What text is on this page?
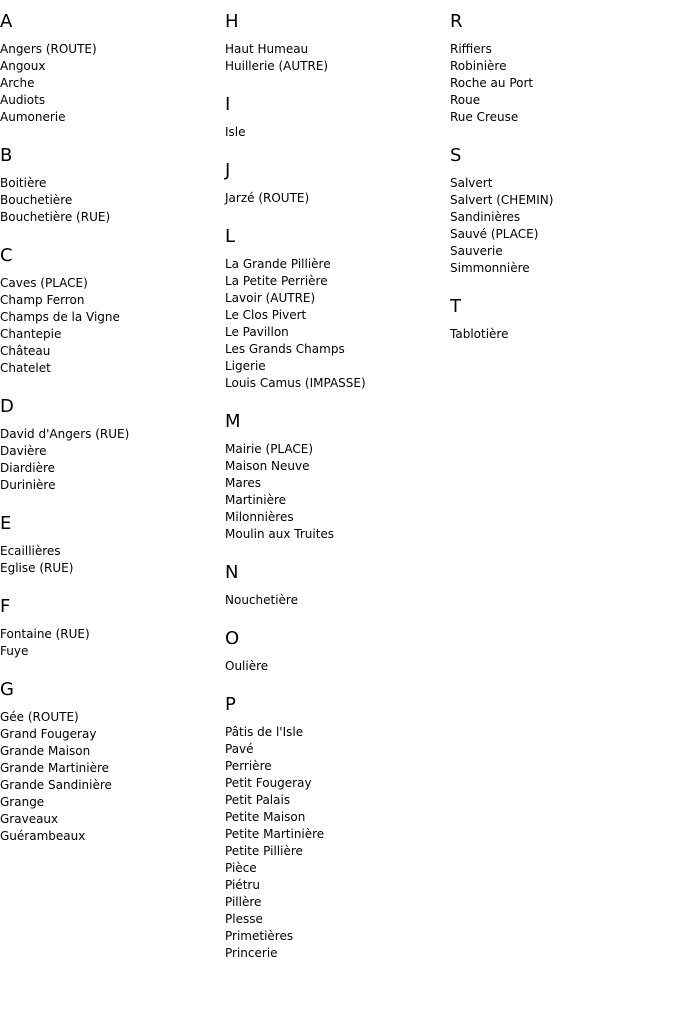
A
Angers (ROUTE)
Angoux
Arche
Audiots
Aumonerie
B
Boitière
Bouchetière
Bouchetière (RUE)
C
Caves (PLACE)
Champ Ferron
Champs de la Vigne
Chantepie
Château
Chatelet
D
David d'Angers (RUE)
Davière
Diardière
Durinière
E
Ecaillières
Eglise (RUE)
F
Fontaine (RUE)
Fuye
G
Gée (ROUTE)
Grand Fougeray
Grande Maison
Grande Martinière
Grande Sandinière
Grange
Graveaux
Guérambeaux
H
Haut Humeau
Huillerie (AUTRE)
I
Isle
J
Jarzé (ROUTE)
L
La Grande Pillière
La Petite Perrière
Lavoir (AUTRE)
Le Clos Pivert
Le Pavillon
Les Grands Champs
Ligerie
Louis Camus (IMPASSE)
M
Mairie (PLACE)
Maison Neuve
Mares
Martinière
Milonnières
Moulin aux Truites
N
Nouchetière
O
Oulière
P
Pâtis de l'Isle
Pavé
Perrière
Petit Fougeray
Petit Palais
Petite Maison
Petite Martinière
Petite Pillière
Pièce
Piétru
Pillère
Plesse
Primetières
Princerie
R
Riffiers
Robinière
Roche au Port
Roue
Rue Creuse
S
Salvert
Salvert (CHEMIN)
Sandinières
Sauvé (PLACE)
Sauverie
Simmonnière
T
Tablotière
